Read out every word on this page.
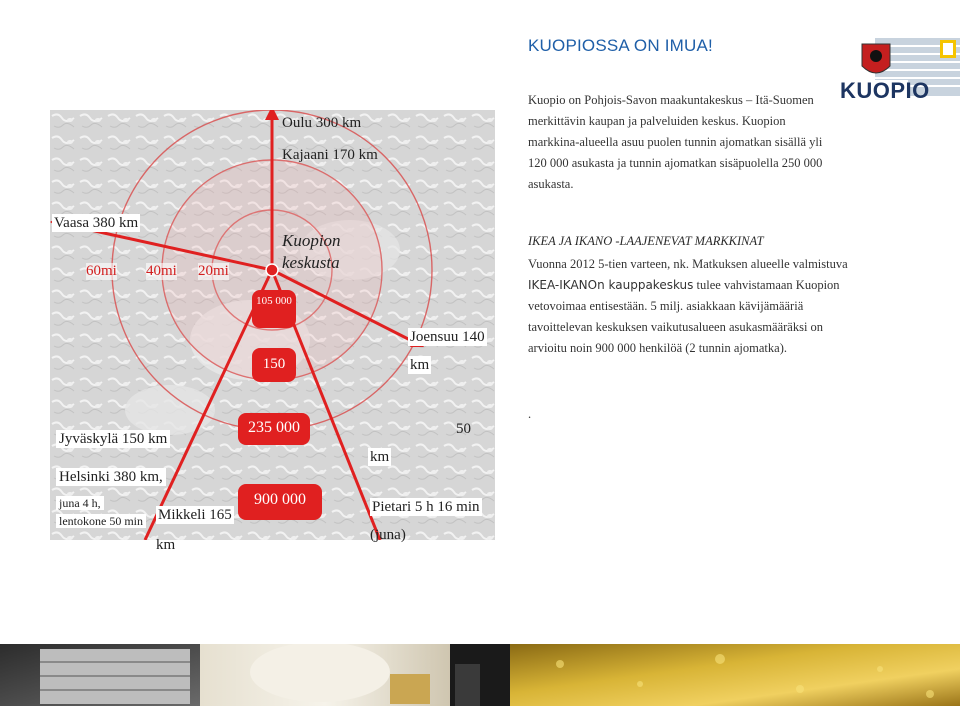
KUOPIOSSA ON IMUA!
KUOPIO
Kuopio on Pohjois-Savon maakuntakeskus – Itä-Suomen merkittävin kaupan ja palveluiden keskus. Kuopion markkina-alueella asuu puolen tunnin ajomatkan sisällä yli 120 000 asukasta ja tunnin ajomatkan sisäpuolella 250 000 asukasta.
IKEA JA IKANO -LAAJENEVAT MARKKINAT
Vuonna 2012 5-tien varteen, nk. Matkuksen alueelle valmistuva IKEA-IKANOn kauppakeskus tulee vahvistamaan Kuopion vetovoimaa entisestään. 5 milj. asiakkaan kävijämääriä tavoittelevan keskuksen vaikutusalueen asukasmääräksi on arvioitu noin 900 000 henkilöä (2 tunnin ajomatka).
.
Oulu 300 km
Kajaani 170 km
Vaasa 380 km
Kuopion keskusta
60mi 40mi 20mi
105 000
150
235 000
900 000
Joensuu 140
km
Jyväskylä 150 km
Helsinki 380 km,
juna 4 h,
lentokone 50 min Mikkeli 165
km
50
km
Pietari 5 h 16 min
(juna)
